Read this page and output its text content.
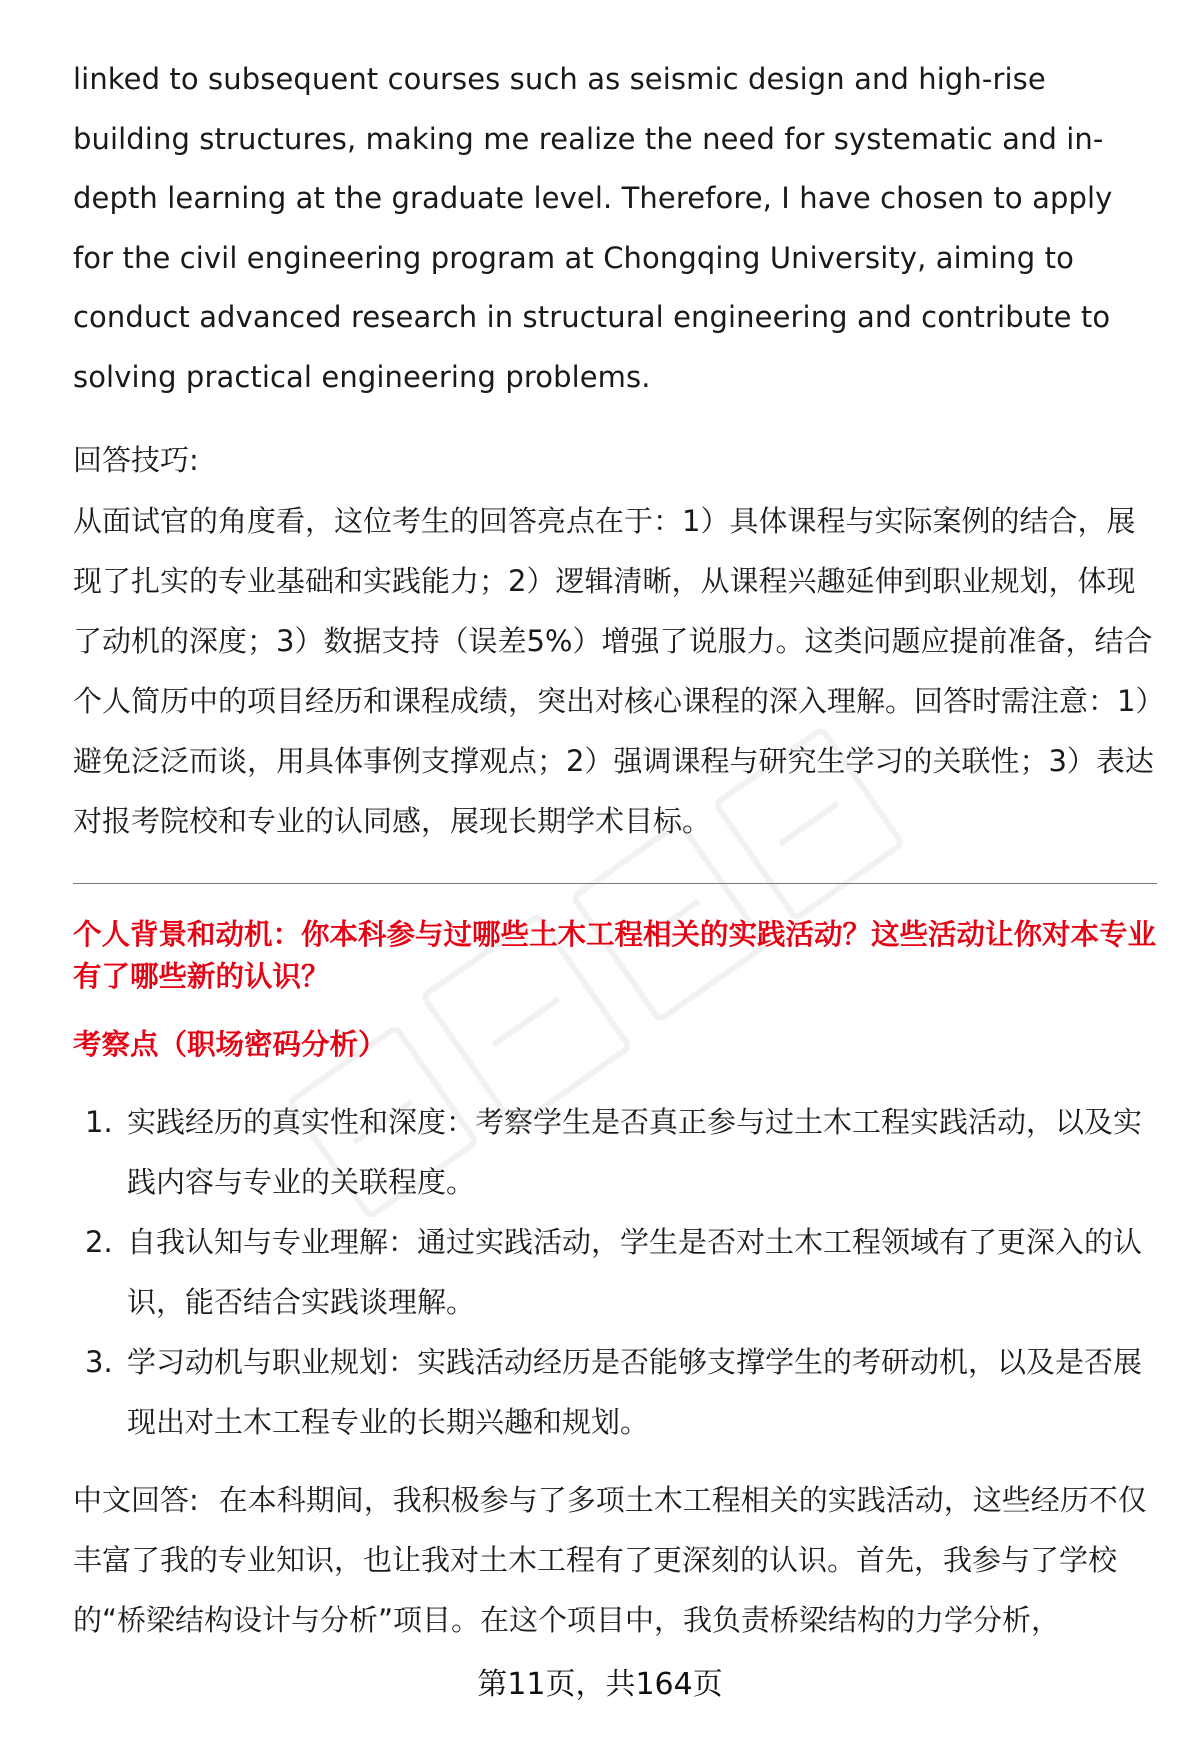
linked to subsequent courses such as seismic design and high-rise building structures, making me realize the need for systematic and in-depth learning at the graduate level. Therefore, I have chosen to apply for the civil engineering program at Chongqing University, aiming to conduct advanced research in structural engineering and contribute to solving practical engineering problems.

回答技巧:

从面试官的角度看，这位考生的回答亮点在于：1）具体课程与实际案例的结合，展现了扎实的专业基础和实践能力；2）逻辑清晰，从课程兴趣延伸到职业规划，体现了动机的深度；3）数据支持（误差5%）增强了说服力。这类问题应提前准备，结合个人简历中的项目经历和课程成绩，突出对核心课程的深入理解。回答时需注意：1）避免泛泛而谈，用具体事例支撑观点；2）强调课程与研究生学习的关联性；3）表达对报考院校和专业的认同感，展现长期学术目标。

个人背景和动机：你本科参与过哪些土木工程相关的实践活动？这些活动让你对本专业有了哪些新的认识？
考察点（职场密码分析）
1. 实践经历的真实性和深度：考察学生是否真正参与过土木工程实践活动，以及实践内容与专业的关联程度。
2. 自我认知与专业理解：通过实践活动，学生是否对土木工程领域有了更深入的认识，能否结合实践谈理解。
3. 学习动机与职业规划：实践活动经历是否能够支撑学生的考研动机，以及是否展现出对土木工程专业的长期兴趣和规划。

中文回答: 在本科期间，我积极参与了多项土木工程相关的实践活动，这些经历不仅丰富了我的专业知识，也让我对土木工程有了更深刻的认识。首先，我参与了学校的“桥梁结构设计与分析”项目。在这个项目中，我负责桥梁结构的力学分析，

第11页，共164页
